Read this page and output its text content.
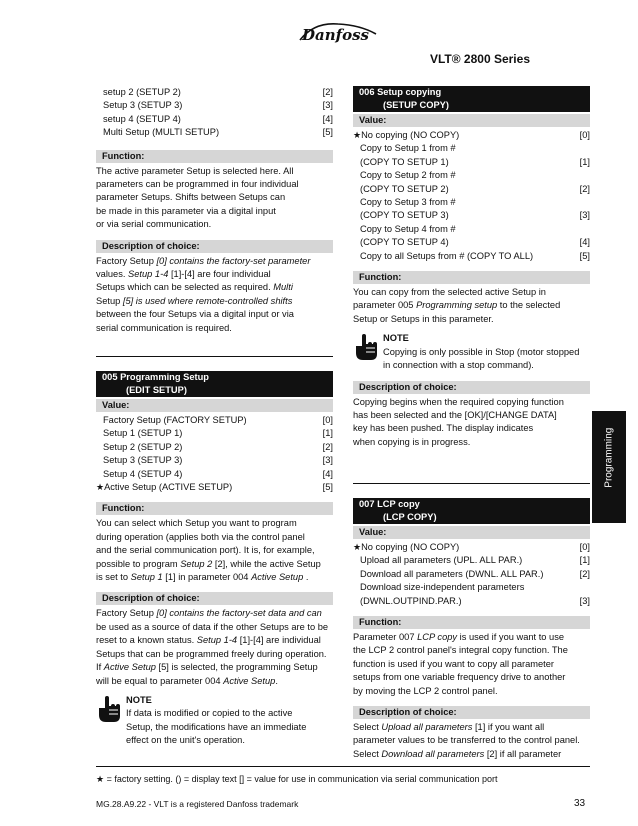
Danfoss
VLT® 2800 Series
setup 2 (SETUP 2)	[2]
Setup 3 (SETUP 3)	[3]
setup 4 (SETUP 4)	[4]
Multi Setup (MULTI SETUP)	[5]
Function:
The active parameter Setup is selected here. All
parameters can be programmed in four individual
parameter Setups. Shifts between Setups can
be made in this parameter via a digital input
or via serial communication.
Description of choice:
Factory Setup [0] contains the factory-set parameter
values. Setup 1-4 [1]-[4] are four individual
Setups which can be selected as required. Multi
Setup [5] is used where remote-controlled shifts
between the four Setups via a digital input or via
serial communication is required.
005 Programming Setup
(EDIT SETUP)
Value:
Factory Setup (FACTORY SETUP)	[0]
Setup 1 (SETUP 1)	[1]
Setup 2 (SETUP 2)	[2]
Setup 3 (SETUP 3)	[3]
Setup 4 (SETUP 4)	[4]
★Active Setup (ACTIVE SETUP)	[5]
Function:
You can select which Setup you want to program
during operation (applies both via the control panel
and the serial communication port). It is, for example,
possible to program Setup 2 [2], while the active Setup
is set to Setup 1 [1] in parameter 004 Active Setup .
Description of choice:
Factory Setup [0] contains the factory-set data and can
be used as a source of data if the other Setups are to be
reset to a known status. Setup 1-4 [1]-[4] are individual
Setups that can be programmed freely during operation.
If Active Setup [5] is selected, the programming Setup
will be equal to parameter 004 Active Setup.
NOTE
If data is modified or copied to the active
Setup, the modifications have an immediate
effect on the unit's operation.
006 Setup copying
(SETUP COPY)
Value:
★No copying (NO COPY)	[0]
Copy to Setup 1 from #
(COPY TO SETUP 1)	[1]
Copy to Setup 2 from #
(COPY TO SETUP 2)	[2]
Copy to Setup 3 from #
(COPY TO SETUP 3)	[3]
Copy to Setup 4 from #
(COPY TO SETUP 4)	[4]
Copy to all Setups from # (COPY TO ALL)	[5]
Function:
You can copy from the selected active Setup in
parameter 005 Programming setup to the selected
Setup or Setups in this parameter.
NOTE
Copying is only possible in Stop (motor stopped
in connection with a stop command).
Description of choice:
Copying begins when the required copying function
has been selected and the [OK]/[CHANGE DATA]
key has been pushed. The display indicates
when copying is in progress.
007 LCP copy
(LCP COPY)
Value:
★No copying (NO COPY)	[0]
Upload all parameters (UPL. ALL PAR.)	[1]
Download all parameters (DWNL. ALL PAR.)	[2]
Download size-independent parameters
(DWNL.OUTPIND.PAR.)	[3]
Function:
Parameter 007 LCP copy is used if you want to use
the LCP 2 control panel's integral copy function. The
function is used if you want to copy all parameter
setups from one variable frequency drive to another
by moving the LCP 2 control panel.
Description of choice:
Select Upload all parameters [1] if you want all
parameter values to be transferred to the control panel.
Select Download all parameters [2] if all parameter
Programming
★ = factory setting. () = display text [] = value for use in communication via serial communication port
MG.28.A9.22 - VLT is a registered Danfoss trademark	33
